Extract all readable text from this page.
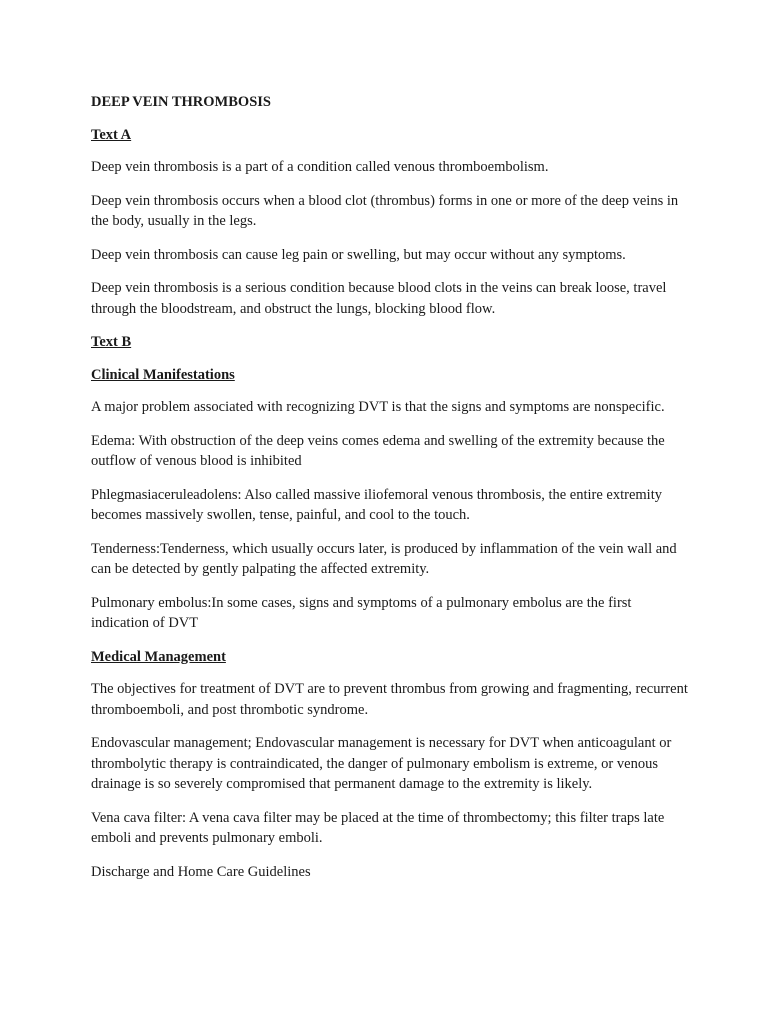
DEEP VEIN THROMBOSIS
Text A

Deep vein thrombosis is a part of a condition called venous thromboembolism.

Deep vein thrombosis occurs when a blood clot (thrombus) forms in one or more of the deep veins in the body, usually in the legs.

Deep vein thrombosis can cause leg pain or swelling, but may occur without any symptoms.

Deep vein thrombosis is a serious condition because blood clots in the veins can break loose, travel through the bloodstream, and obstruct the lungs, blocking blood flow.

Text B
Clinical Manifestations

A major problem associated with recognizing DVT is that the signs and symptoms are nonspecific.

Edema: With obstruction of the deep veins comes edema and swelling of the extremity because the outflow of venous blood is inhibited

Phlegmasiaceruleadolens: Also called massive iliofemoral venous thrombosis, the entire extremity becomes massively swollen, tense, painful, and cool to the touch.

Tenderness:Tenderness, which usually occurs later, is produced by inflammation of the vein wall and can be detected by gently palpating the affected extremity.

Pulmonary embolus:In some cases, signs and symptoms of a pulmonary embolus are the first indication of DVT

Medical Management

The objectives for treatment of DVT are to prevent thrombus from growing and fragmenting, recurrent thromboemboli, and post thrombotic syndrome.

Endovascular management; Endovascular management is necessary for DVT when anticoagulant or thrombolytic therapy is contraindicated, the danger of pulmonary embolism is extreme, or venous drainage is so severely compromised that permanent damage to the extremity is likely.

Vena cava filter: A vena cava filter may be placed at the time of thrombectomy; this filter traps late emboli and prevents pulmonary emboli.

Discharge and Home Care Guidelines
